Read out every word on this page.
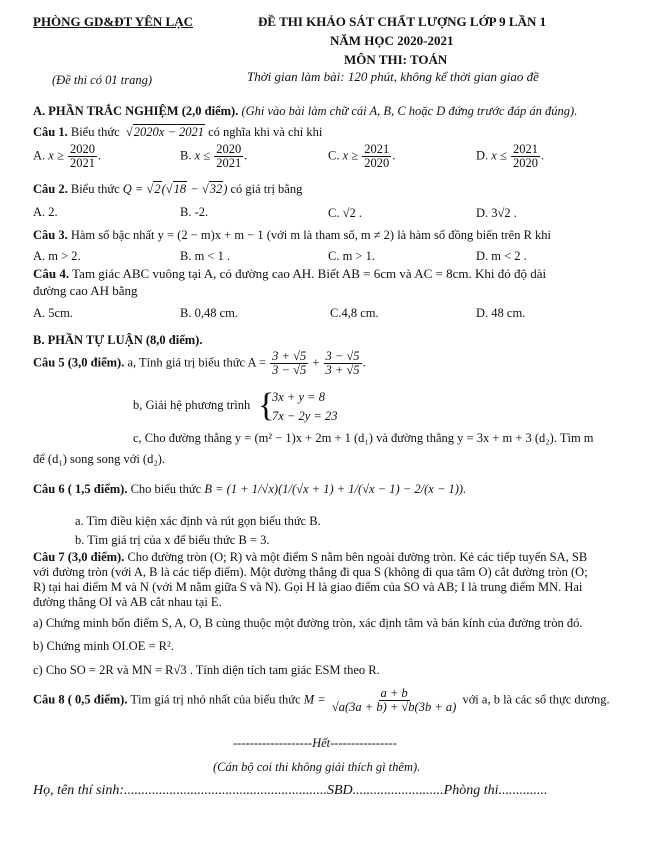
PHÒNG GD&ĐT YÊN LẠC	ĐỀ THI KHẢO SÁT CHẤT LƯỢNG LỚP 9 LẦN 1
NĂM HỌC 2020-2021
MÔN THI: TOÁN
(Đề thi có 01 trang)	Thời gian làm bài: 120 phút, không kể thời gian giao đề
A. PHẦN TRẮC NGHIỆM (2,0 điểm). (Ghi vào bài làm chữ cái A, B, C hoặc D đứng trước đáp án đúng).
Câu 1. Biểu thức  √2020x − 2021 có nghĩa khi và chỉ khi
A. $x \ge \frac{2020}{2021}$ .	B. $x \le \frac{2020}{2021}$ .	C. $x \ge \frac{2021}{2020}$ .	D. $x \le \frac{2021}{2020}$ .
Câu 2. Biểu thức Q = √2(√18 − √32) có giá trị bằng
A. 2.	B. -2.	C. √2 .	D. 3√2 .
Câu 3. Hàm số bậc nhất y = (2 − m)x + m − 1 (với m là tham số, m ≠ 2) là hàm số đồng biến trên R khi
A. m > 2.	B. m < 1 .	C. m > 1.	D. m < 2 .
Câu 4. Tam giác ABC vuông tại A, có đường cao AH. Biết AB = 6cm và AC = 8cm. Khi đó độ dài
đường cao AH bằng
A. 5cm.	B. 0,48 cm.	C.4,8 cm.	D. 48 cm.
B. PHẦN TỰ LUẬN (8,0 điểm).
Câu 5 (3,0 điểm). a, Tính giá trị biểu thức $A = \frac{3 + √5}{3 - √5} + \frac{3 - √5}{3 + √5}$ .
b, Giải hệ phương trình {
3x + y = 8
7x − 2y = 23
c, Cho đường thẳng y = (m² − 1)x + 2m + 1 (d₁) và đường thẳng y = 3x + m + 3 (d₂). Tìm m
để (d₁) song song với (d₂).
Câu 6 ( 1,5 điểm). Cho biểu thức B = (1 + 1/√x)(1/(√x + 1) + 1/(√x − 1) − 2/(x − 1)).
a. Tìm điều kiện xác định và rút gọn biểu thức B.
b. Tìm giá trị của x để biểu thức B = 3.
Câu 7 (3,0 điểm). Cho đường tròn (O; R) và một điểm S nằm bên ngoài đường tròn. Kẻ các tiếp tuyến SA, SB
với đường tròn (với A, B là các tiếp điểm). Một đường thẳng đi qua S (không đi qua tâm O) cắt đường tròn (O;
R) tại hai điểm M và N (với M nằm giữa S và N). Gọi H là giao điểm của SO và AB; I là trung điểm MN. Hai
đường thẳng OI và AB cắt nhau tại E.
a) Chứng minh bốn điểm S, A, O, B cùng thuộc một đường tròn, xác định tâm và bán kính của đường tròn đó.
b) Chứng minh OI.OE = R².
c) Cho SO = 2R và MN = R√3 . Tính diện tích tam giác ESM theo R.
Câu 8 ( 0,5 điểm). Tìm giá trị nhỏ nhất của biểu thức $M = \frac{a + b}{√a(3a + b) + √b(3b + a)}$ với a, b là các số thực dương.
-------------------Hết----------------
(Cán bộ coi thi không giải thích gì thêm).
Họ, tên thí sinh:..........................................................SBD..........................Phòng thi..............
